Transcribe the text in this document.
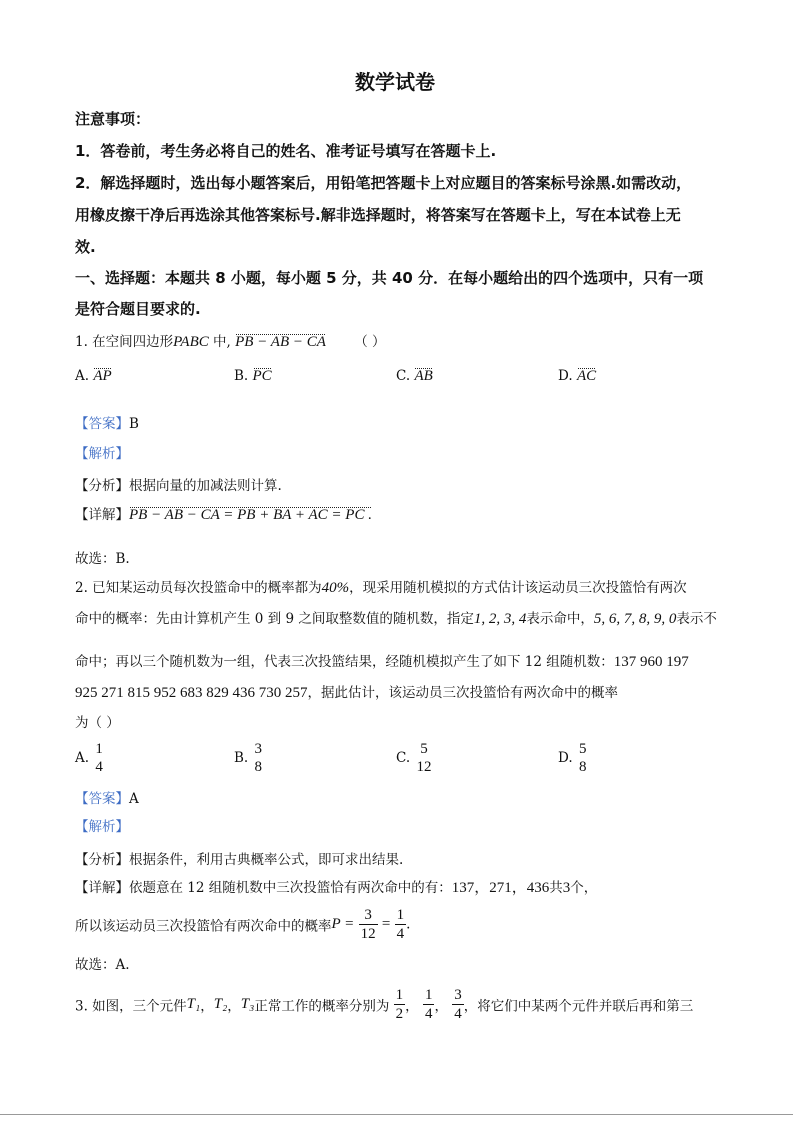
数学试卷
注意事项：
1．答卷前，考生务必将自己的姓名、准考证号填写在答题卡上.
2．解选择题时，选出每小题答案后，用铅笔把答题卡上对应题目的答案标号涂黑.如需改动，
用橡皮擦干净后再选涂其他答案标号.解非选择题时，将答案写在答题卡上，写在本试卷上无
效.
一、选择题：本题共 8 小题，每小题 5 分，共 40 分．在每小题给出的四个选项中，只有一项
是符合题目要求的.
1. 在空间四边形PABC 中, PB − AB − CA （ ）
A. AP	B. PC	C. AB	D. AC
【答案】B
【解析】
【分析】根据向量的加减法则计算.
【详解】PB − AB − CA = PB + BA + AC = PC .
故选：B.
2. 已知某运动员每次投篮命中的概率都为40%，现采用随机模拟的方式估计该运动员三次投篮恰有两次
命中的概率：先由计算机产生 0 到 9 之间取整数值的随机数，指定1, 2, 3, 4表示命中，5, 6, 7, 8, 9, 0表示不
命中；再以三个随机数为一组，代表三次投篮结果，经随机模拟产生了如下 12 组随机数：137 960 197
925 271 815 952 683 829 436 730 257，据此估计，该运动员三次投篮恰有两次命中的概率
为（ ）
A.
1
4
B.
3
8
C.
5
12
D.
5
8
【答案】A
【解析】
【分析】根据条件，利用古典概率公式，即可求出结果.
【详解】依题意在 12 组随机数中三次投篮恰有两次命中的有：137，271，436共3个，
所以该运动员三次投篮恰有两次命中的概率$P = \frac{3}{12} = \frac{1}{4}$ .
故选：A.
3. 如图，三个元件T₁，T₂，T₃正常工作的概率分别为 $\frac{1}{2}$ ， $\frac{1}{4}$ ， $\frac{3}{4}$ ，将它们中某两个元件并联后再和第三
